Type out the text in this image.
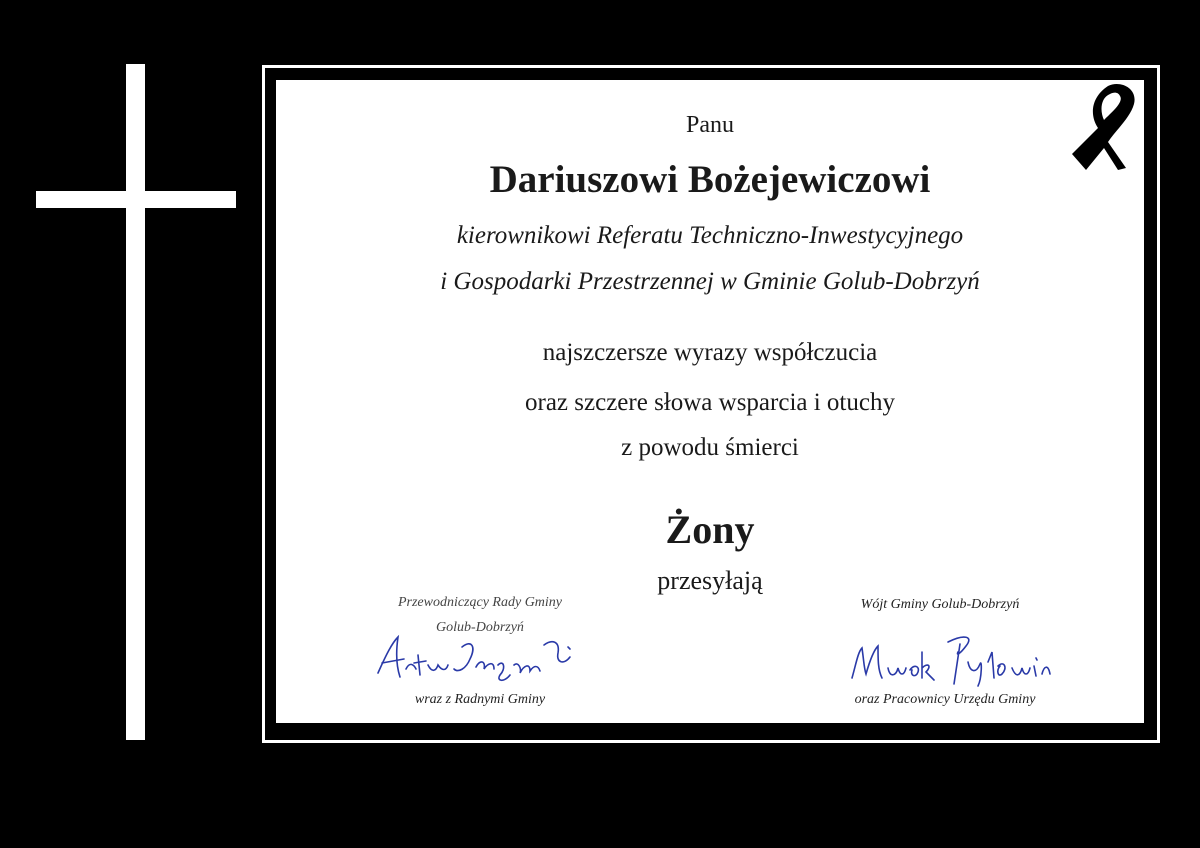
Panu
Dariuszowi Bożejewiczowi
kierownikowi Referatu Techniczno-Inwestycyjnego
i Gospodarki Przestrzennej w Gminie Golub-Dobrzyń
najszczersze wyrazy współczucia
oraz szczere słowa wsparcia i otuchy
z powodu śmierci
Żony
przesyłają
Przewodniczący Rady Gminy
Golub-Dobrzyń
wraz z Radnymi Gminy
Wójt Gminy Golub-Dobrzyń
oraz Pracownicy Urzędu Gminy
